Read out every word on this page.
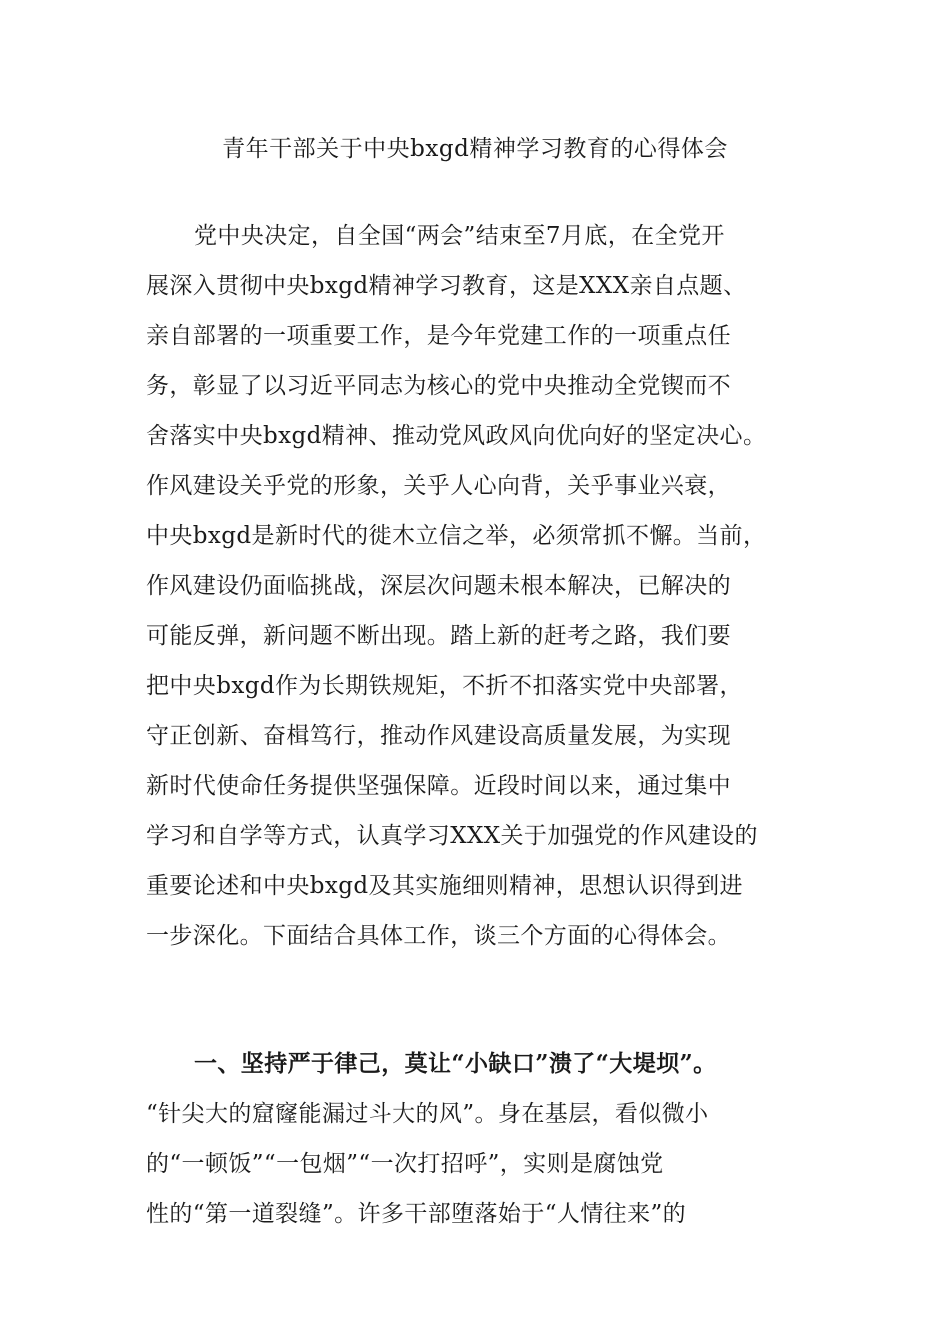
青年干部关于中央bxgd精神学习教育的心得体会
党中央决定，自全国“两会”结束至7月底，在全党开
展深入贯彻中央bxgd精神学习教育，这是XXX亲自点题、
亲自部署的一项重要工作，是今年党建工作的一项重点任
务，彰显了以习近平同志为核心的党中央推动全党锲而不
舍落实中央bxgd精神、推动党风政风向优向好的坚定决心。
作风建设关乎党的形象，关乎人心向背，关乎事业兴衰，
中央bxgd是新时代的徙木立信之举，必须常抓不懈。当前，
作风建设仍面临挑战，深层次问题未根本解决，已解决的
可能反弹，新问题不断出现。踏上新的赶考之路，我们要
把中央bxgd作为长期铁规矩，不折不扣落实党中央部署，
守正创新、奋楫笃行，推动作风建设高质量发展，为实现
新时代使命任务提供坚强保障。近段时间以来，通过集中
学习和自学等方式，认真学习XXX关于加强党的作风建设的
重要论述和中央bxgd及其实施细则精神，思想认识得到进
一步深化。下面结合具体工作，谈三个方面的心得体会。
一、坚持严于律己，莫让“小缺口”溃了“大堤坝”。
“针尖大的窟窿能漏过斗大的风”。身在基层，看似微小
的“一顿饭”“一包烟”“一次打招呼”，实则是腐蚀党
性的“第一道裂缝”。许多干部堕落始于“人情往来”的
